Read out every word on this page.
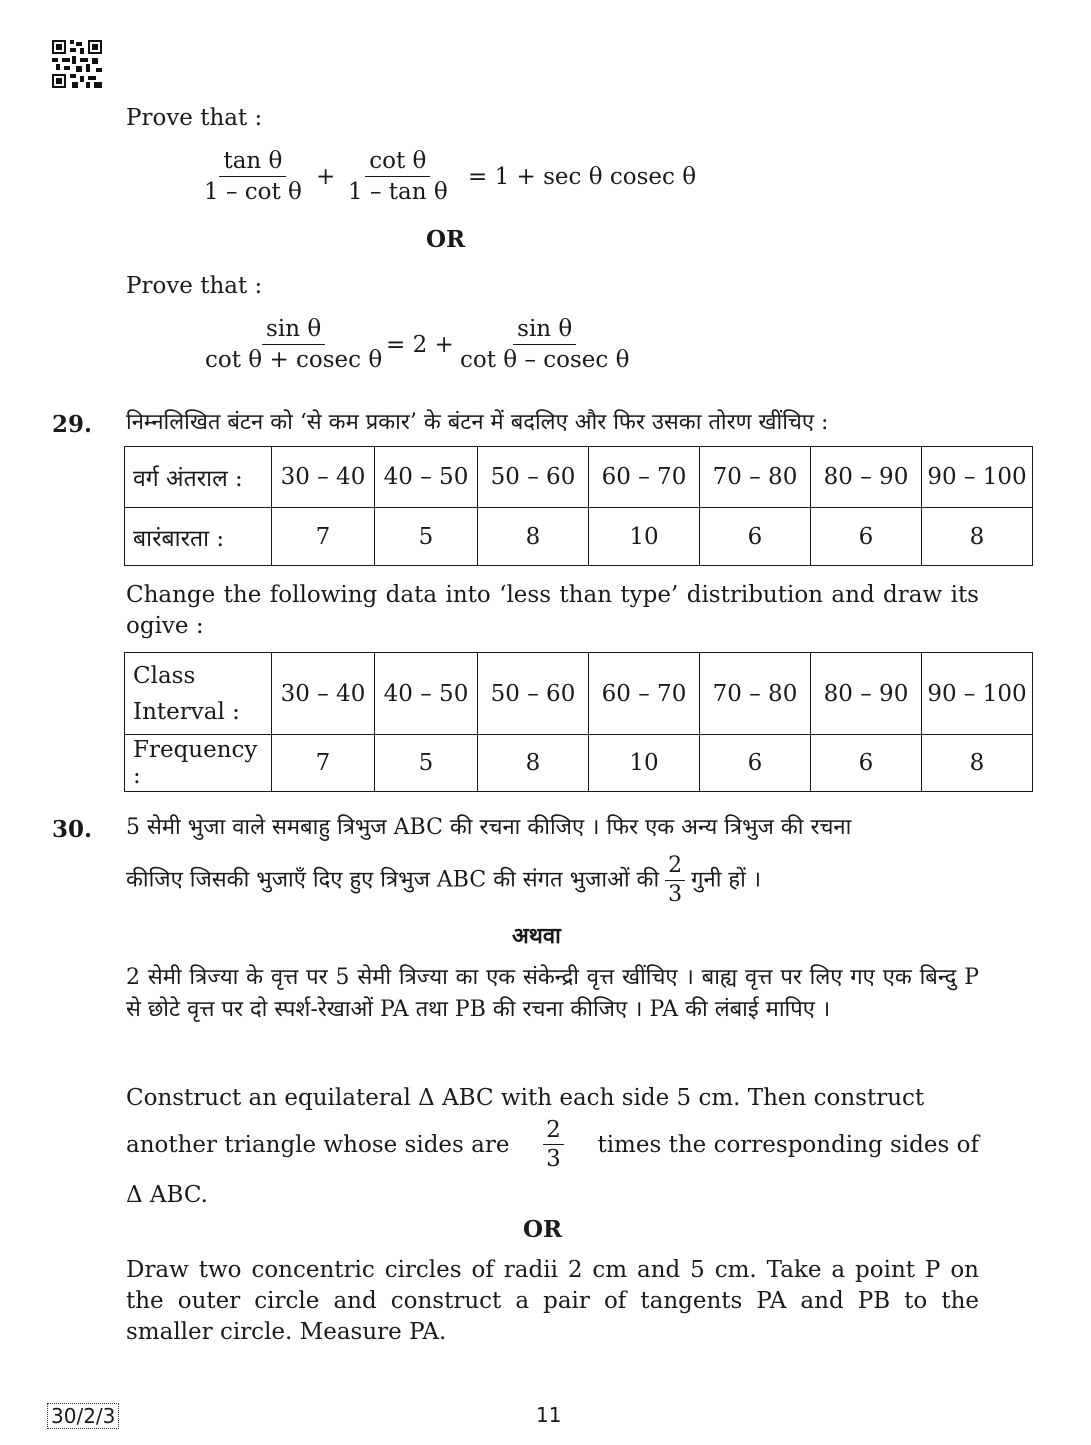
Prove that :
$\frac{\text{tan θ}}{\text{1 – cot θ}} + \frac{\text{cot θ}}{\text{1 – tan θ}} = 1 + \sec \theta$ cosec θ
OR
Prove that :
$\frac{\text{sin θ}}{\text{cot θ + cosec θ}} = 2 + \frac{\text{sin θ}}{\text{cot θ – cosec θ}}$
29. निम्नलिखित बंटन को ‘से कम प्रकार’ के बंटन में बदलिए और फिर उसका तोरण खींचिए :
वर्ग अंतराल :	30 – 40	40 – 50	50 – 60	60 – 70	70 – 80	80 – 90	90 – 100
बारंबारता :	7	5	8	10	6	6	8
Change the following data into ‘less than type’ distribution and draw its ogive :
Class
Interval :	30 – 40	40 – 50	50 – 60	60 – 70	70 – 80	80 – 90	90 – 100
Frequency :	7	5	8	10	6	6	8
30. 5 सेमी भुजा वाले समबाहु त्रिभुज ABC की रचना कीजिए । फिर एक अन्य त्रिभुज की रचना
कीजिए जिसकी भुजाएँ दिए हुए त्रिभुज ABC की संगत भुजाओं की $\frac{2}{3}$ गुनी हों ।
अथवा
2 सेमी त्रिज्या के वृत्त पर 5 सेमी त्रिज्या का एक संकेन्द्री वृत्त खींचिए । बाह्य वृत्त पर लिए गए एक बिन्दु P से छोटे वृत्त पर दो स्पर्श-रेखाओं PA तथा PB की रचना कीजिए । PA की लंबाई मापिए ।
Construct an equilateral Δ ABC with each side 5 cm. Then construct
another triangle whose sides are $\frac{2}{3}$ times the corresponding sides of
Δ ABC.
OR
Draw two concentric circles of radii 2 cm and 5 cm. Take a point P on the outer circle and construct a pair of tangents PA and PB to the smaller circle. Measure PA.
30/2/3	11
